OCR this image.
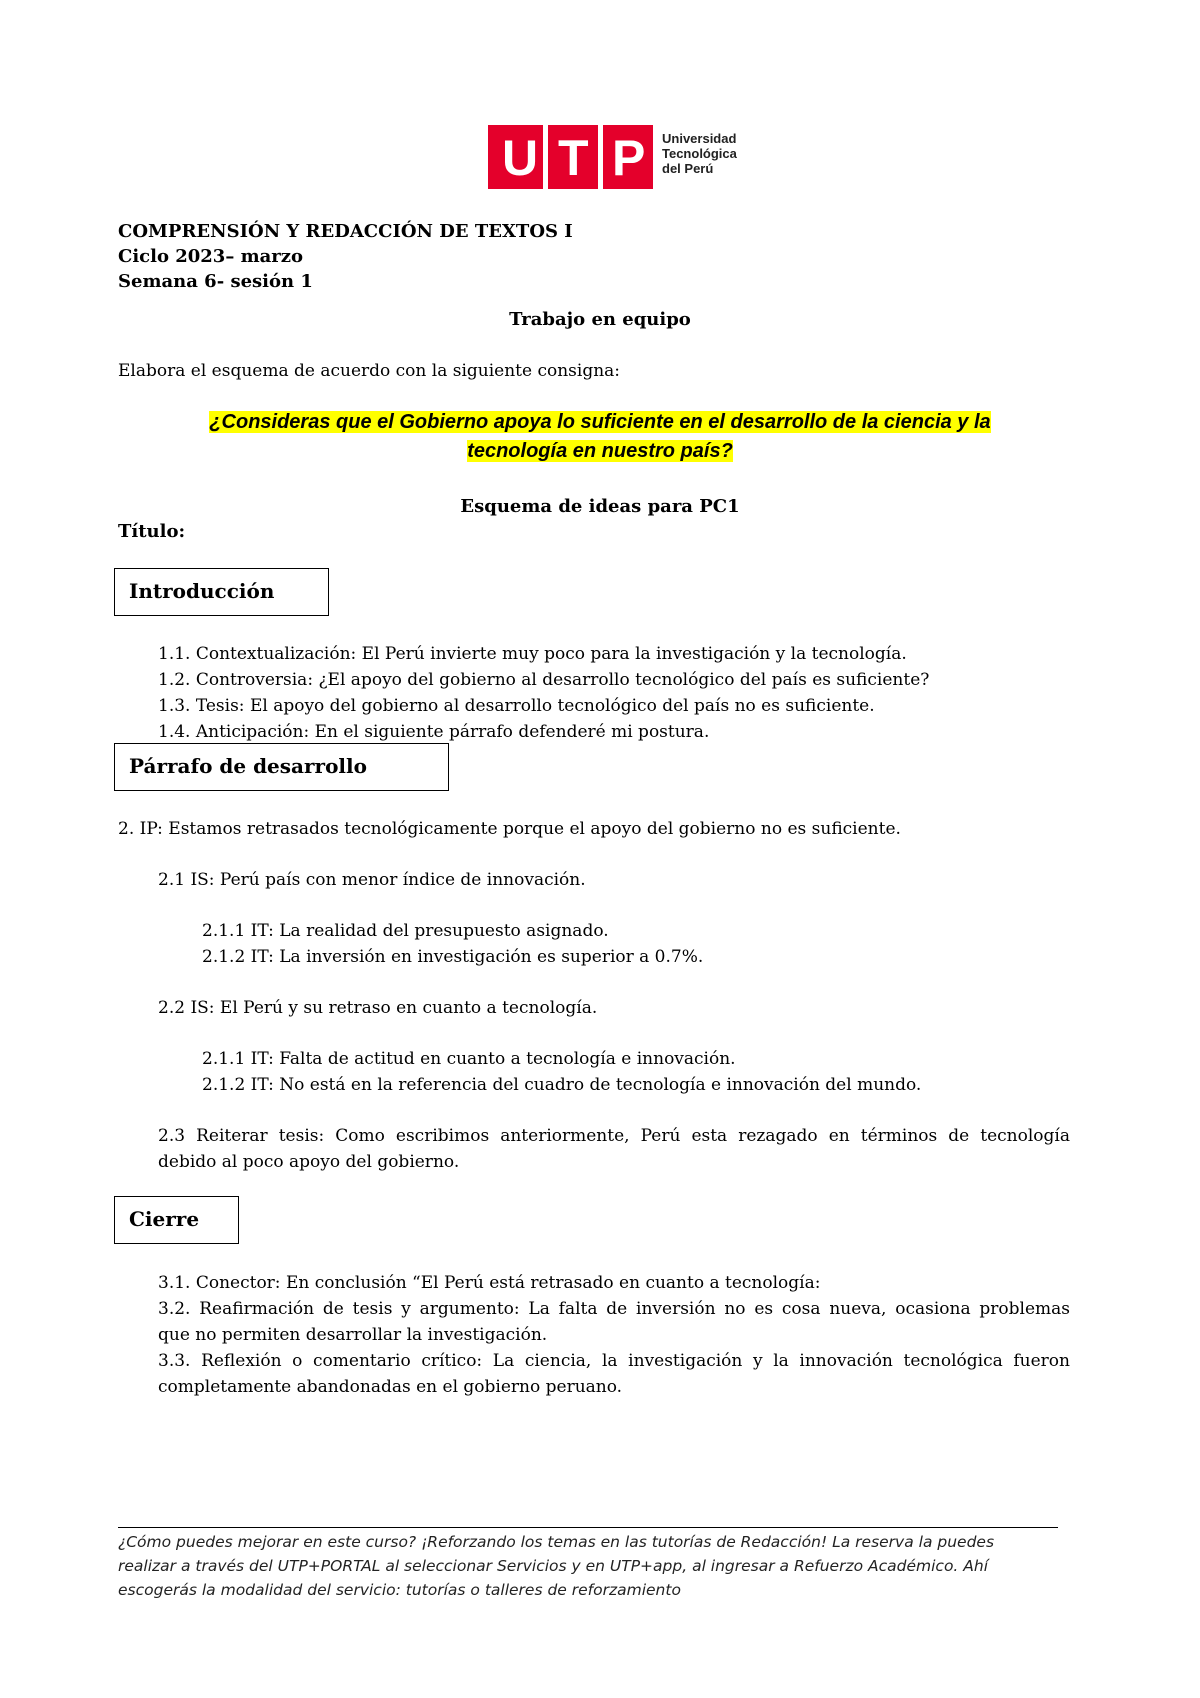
U T P Universidad
Tecnológica
del Perú
COMPRENSIÓN Y REDACCIÓN DE TEXTOS I
Ciclo 2023– marzo
Semana 6- sesión 1
Trabajo en equipo
Elabora el esquema de acuerdo con la siguiente consigna:
¿Consideras que el Gobierno apoya lo suficiente en el desarrollo de la ciencia y la
tecnología en nuestro país?
Esquema de ideas para PC1
Título:
Introducción
1.1. Contextualización: El Perú invierte muy poco para la investigación y la tecnología.
1.2. Controversia: ¿El apoyo del gobierno al desarrollo tecnológico del país es suficiente?
1.3. Tesis: El apoyo del gobierno al desarrollo tecnológico del país no es suficiente.
1.4. Anticipación: En el siguiente párrafo defenderé mi postura.
Párrafo de desarrollo
2. IP: Estamos retrasados tecnológicamente porque el apoyo del gobierno no es suficiente.
2.1 IS: Perú país con menor índice de innovación.
2.1.1 IT: La realidad del presupuesto asignado.
2.1.2 IT: La inversión en investigación es superior a 0.7%.
2.2 IS: El Perú y su retraso en cuanto a tecnología.
2.1.1 IT: Falta de actitud en cuanto a tecnología e innovación.
2.1.2 IT: No está en la referencia del cuadro de tecnología e innovación del mundo.
2.3 Reiterar tesis: Como escribimos anteriormente, Perú esta rezagado en términos de tecnología
debido al poco apoyo del gobierno.
Cierre
3.1. Conector: En conclusión “El Perú está retrasado en cuanto a tecnología:
3.2. Reafirmación de tesis y argumento: La falta de inversión no es cosa nueva, ocasiona problemas
que no permiten desarrollar la investigación.
3.3. Reflexión o comentario crítico: La ciencia, la investigación y la innovación tecnológica fueron
completamente abandonadas en el gobierno peruano.
¿Cómo puedes mejorar en este curso? ¡Reforzando los temas en las tutorías de Redacción! La reserva la puedes
realizar a través del UTP+PORTAL al seleccionar Servicios y en UTP+app, al ingresar a Refuerzo Académico. Ahí
escogerás la modalidad del servicio: tutorías o talleres de reforzamiento
